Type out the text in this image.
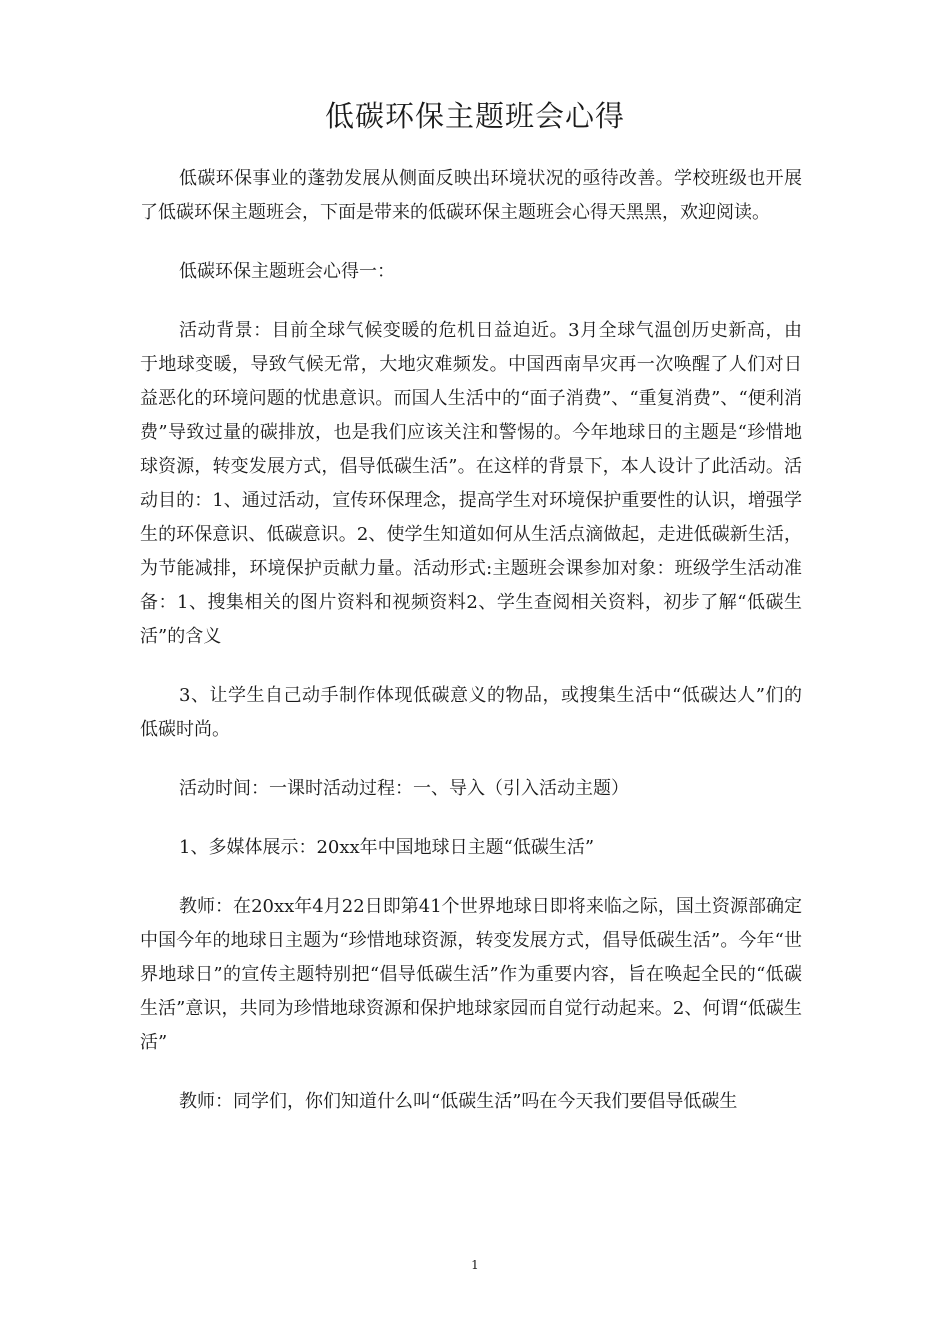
低碳环保主题班会心得

低碳环保事业的蓬勃发展从侧面反映出环境状况的亟待改善。学校班级也开展了低碳环保主题班会，下面是带来的低碳环保主题班会心得天黑黑，欢迎阅读。

低碳环保主题班会心得一：

活动背景：目前全球气候变暖的危机日益迫近。3月全球气温创历史新高，由于地球变暖，导致气候无常，大地灾难频发。中国西南旱灾再一次唤醒了人们对日益恶化的环境问题的忧患意识。而国人生活中的“面子消费”、“重复消费”、“便利消费”导致过量的碳排放，也是我们应该关注和警惕的。今年地球日的主题是“珍惜地球资源，转变发展方式，倡导低碳生活”。在这样的背景下，本人设计了此活动。活动目的：1、通过活动，宣传环保理念，提高学生对环境保护重要性的认识，增强学生的环保意识、低碳意识。2、使学生知道如何从生活点滴做起，走进低碳新生活，为节能减排，环境保护贡献力量。活动形式:主题班会课参加对象：班级学生活动准备：1、搜集相关的图片资料和视频资料2、学生查阅相关资料，初步了解“低碳生活”的含义

3、让学生自己动手制作体现低碳意义的物品，或搜集生活中“低碳达人”们的低碳时尚。

活动时间：一课时活动过程：一、导入（引入活动主题）

1、多媒体展示：20xx年中国地球日主题“低碳生活”

教师：在20xx年4月22日即第41个世界地球日即将来临之际，国土资源部确定中国今年的地球日主题为“珍惜地球资源，转变发展方式，倡导低碳生活”。今年“世界地球日”的宣传主题特别把“倡导低碳生活”作为重要内容，旨在唤起全民的“低碳生活”意识，共同为珍惜地球资源和保护地球家园而自觉行动起来。2、何谓“低碳生活”

教师：同学们，你们知道什么叫“低碳生活”吗在今天我们要倡导低碳生

1
